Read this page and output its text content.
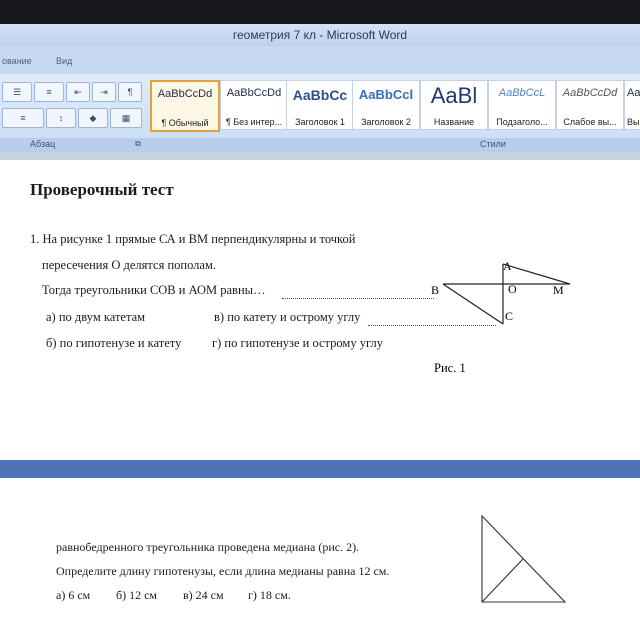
геометрия 7 кл - Microsoft Word
ование	Вид
☰	≡	⇤	⇥	¶
≡	↕	◆	▦
AaBbCcDd
¶ Обычный
AaBbCcDd
¶ Без интер...
AaBbCc
Заголовок 1
AaBbCcl
Заголовок 2
AaBl
Название
AaBbCcL
Подзаголо...
AaBbCcDd
Слабое вы...
Aa
Вы
Абзац	⧉	Стили
Проверочный тест
1. На рисунке 1 прямые СА и ВМ перпендикулярны и точкой
пересечения О делятся пополам.
Тогда треугольники СОВ и АОМ равны…
а) по двум катетам	в) по катету и острому углу
б) по гипотенузе и катету г) по гипотенузе и острому углу
A
B	O
C
M
Рис. 1
равнобедренного треугольника проведена медиана (рис. 2).
Определите длину гипотенузы, если длина медианы равна 12 см.
а) 6 см б) 12 см в) 24 см г) 18 см.
